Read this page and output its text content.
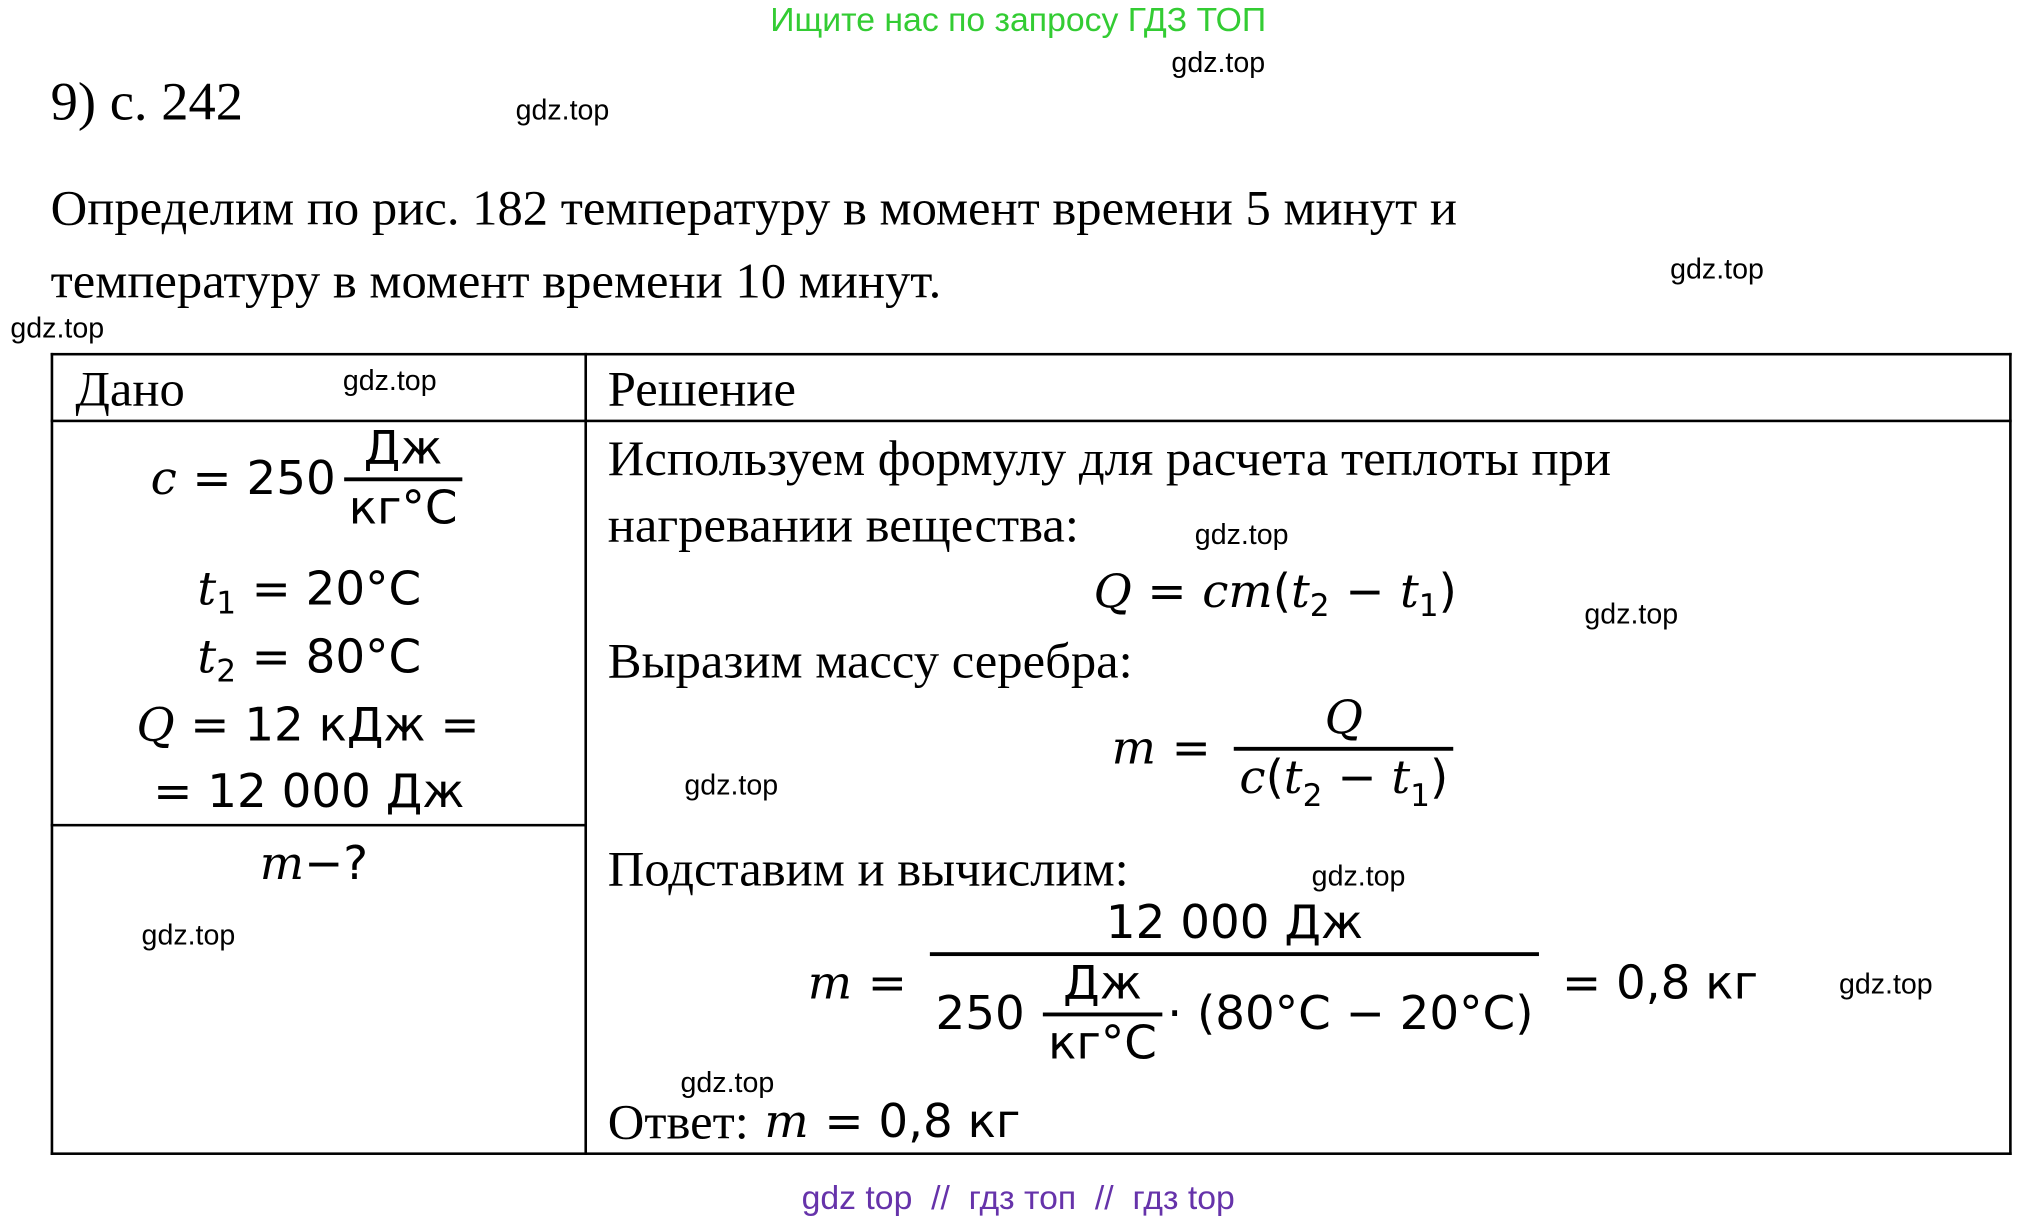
Ищите нас по запросу ГДЗ ТОП
gdz.top
gdz.top
gdz.top
gdz.top
gdz.top
gdz.top
gdz.top
gdz.top
gdz.top
gdz.top
gdz.top
gdz.top
9) с. 242
Определим по рис. 182 температуру в момент времени 5 минут и
температуру в момент времени 10 минут.
Дано	Решение
$c = 250 \frac{Дж}{кг^\circ С}$
t 1 = 20°С
t 2 = 80°С
Q = 12 кДж =
= 12 000 Дж
m −?
Используем формулу для расчета теплоты при
нагревании вещества:
Q = cm ( t 2 − t 1 )
Выразим массу серебра:
$m = \frac{Q}{c(t_2 - t_1)}$
Подставим и вычислим:
$m = \frac{12 000 Дж}{250 \frac{Дж}{кг^\circ С} \cdot (80^\circ С - 20^\circ С)} = 0,8$ кг
Ответ: m = 0,8 кг
gdz top  //  гдз топ  //  гдз top
